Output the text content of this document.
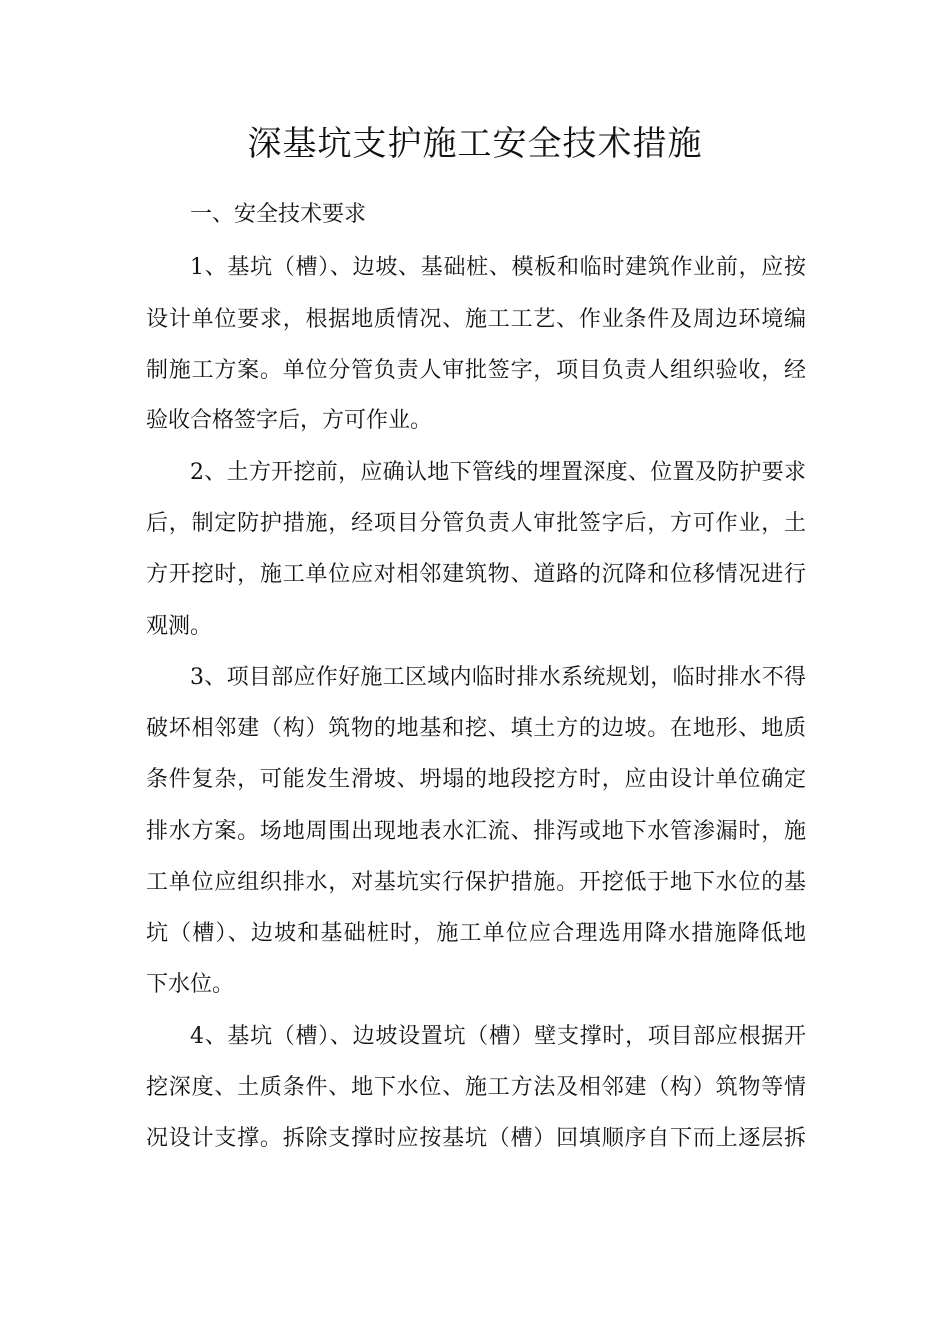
深基坑支护施工安全技术措施
一、安全技术要求
1、基坑（槽）、边坡、基础桩、模板和临时建筑作业前，应按
设计单位要求，根据地质情况、施工工艺、作业条件及周边环境编
制施工方案。单位分管负责人审批签字，项目负责人组织验收，经
验收合格签字后，方可作业。
2、土方开挖前，应确认地下管线的埋置深度、位置及防护要求
后，制定防护措施，经项目分管负责人审批签字后，方可作业，土
方开挖时，施工单位应对相邻建筑物、道路的沉降和位移情况进行
观测。
3、项目部应作好施工区域内临时排水系统规划，临时排水不得
破坏相邻建（构）筑物的地基和挖、填土方的边坡。在地形、地质
条件复杂，可能发生滑坡、坍塌的地段挖方时，应由设计单位确定
排水方案。场地周围出现地表水汇流、排泻或地下水管渗漏时，施
工单位应组织排水，对基坑实行保护措施。开挖低于地下水位的基
坑（槽）、边坡和基础桩时，施工单位应合理选用降水措施降低地
下水位。
4、基坑（槽）、边坡设置坑（槽）壁支撑时，项目部应根据开
挖深度、土质条件、地下水位、施工方法及相邻建（构）筑物等情
况设计支撑。拆除支撑时应按基坑（槽）回填顺序自下而上逐层拆
